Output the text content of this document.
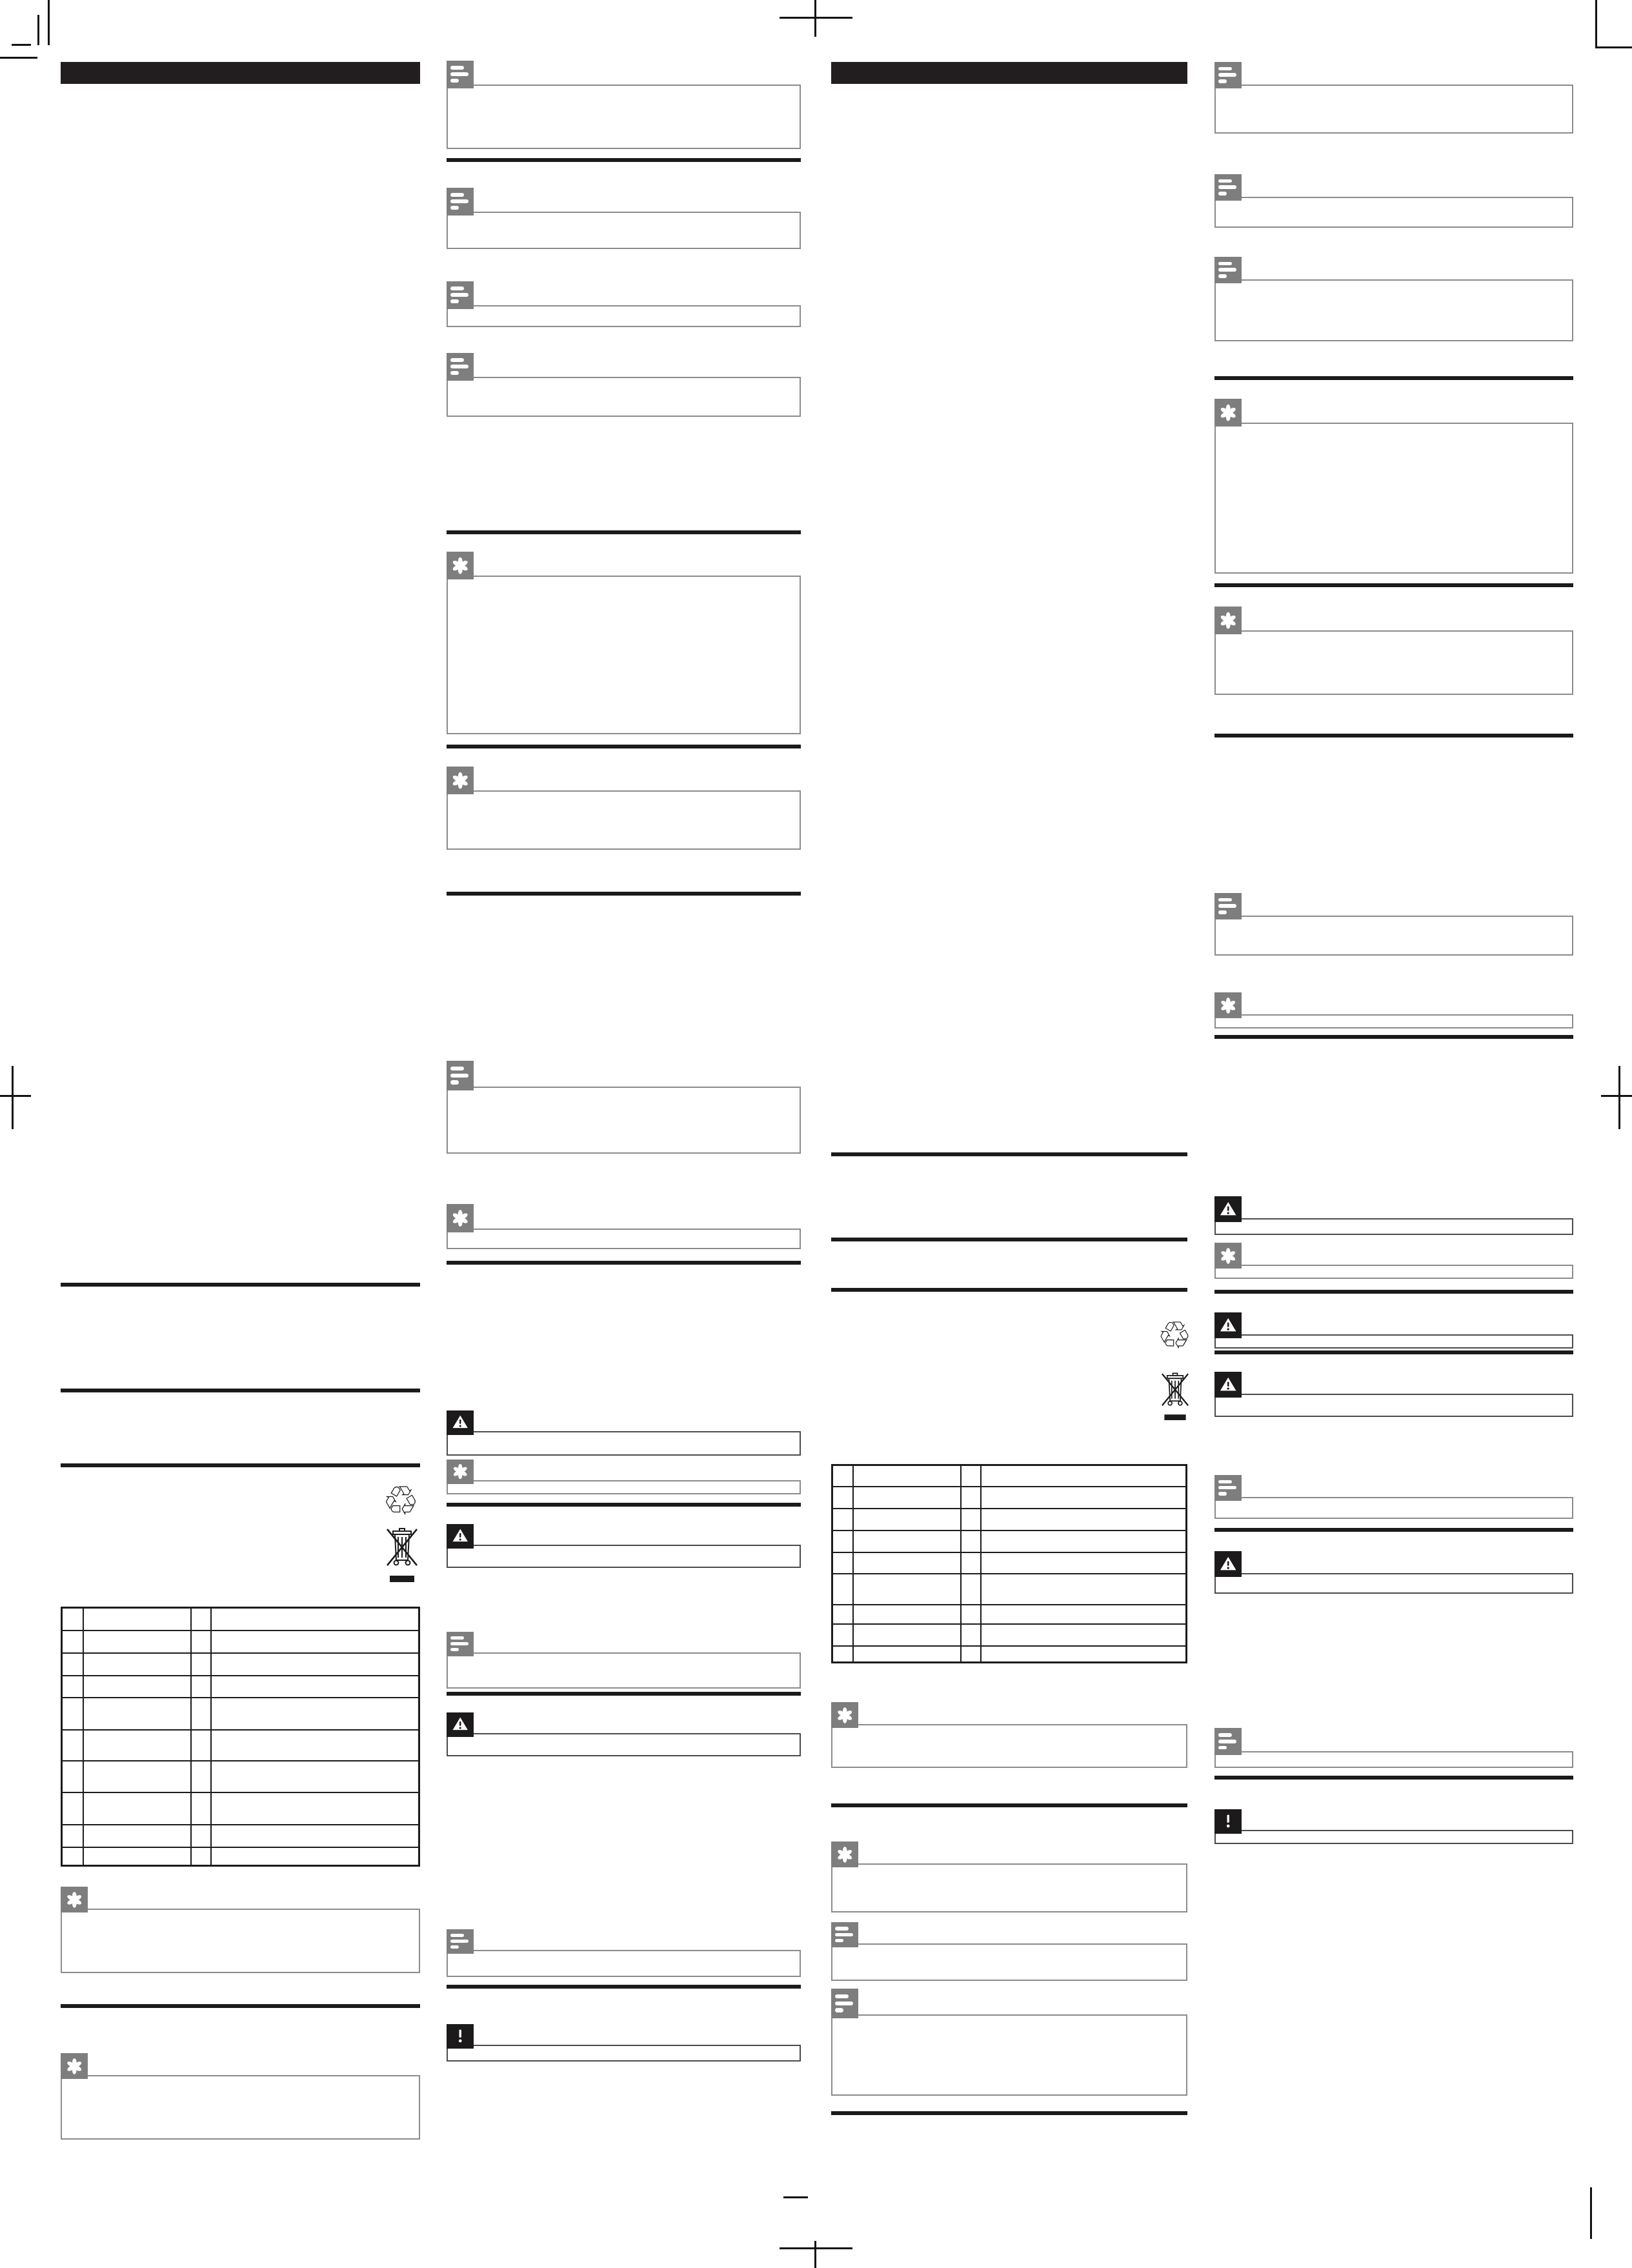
♲
♲
